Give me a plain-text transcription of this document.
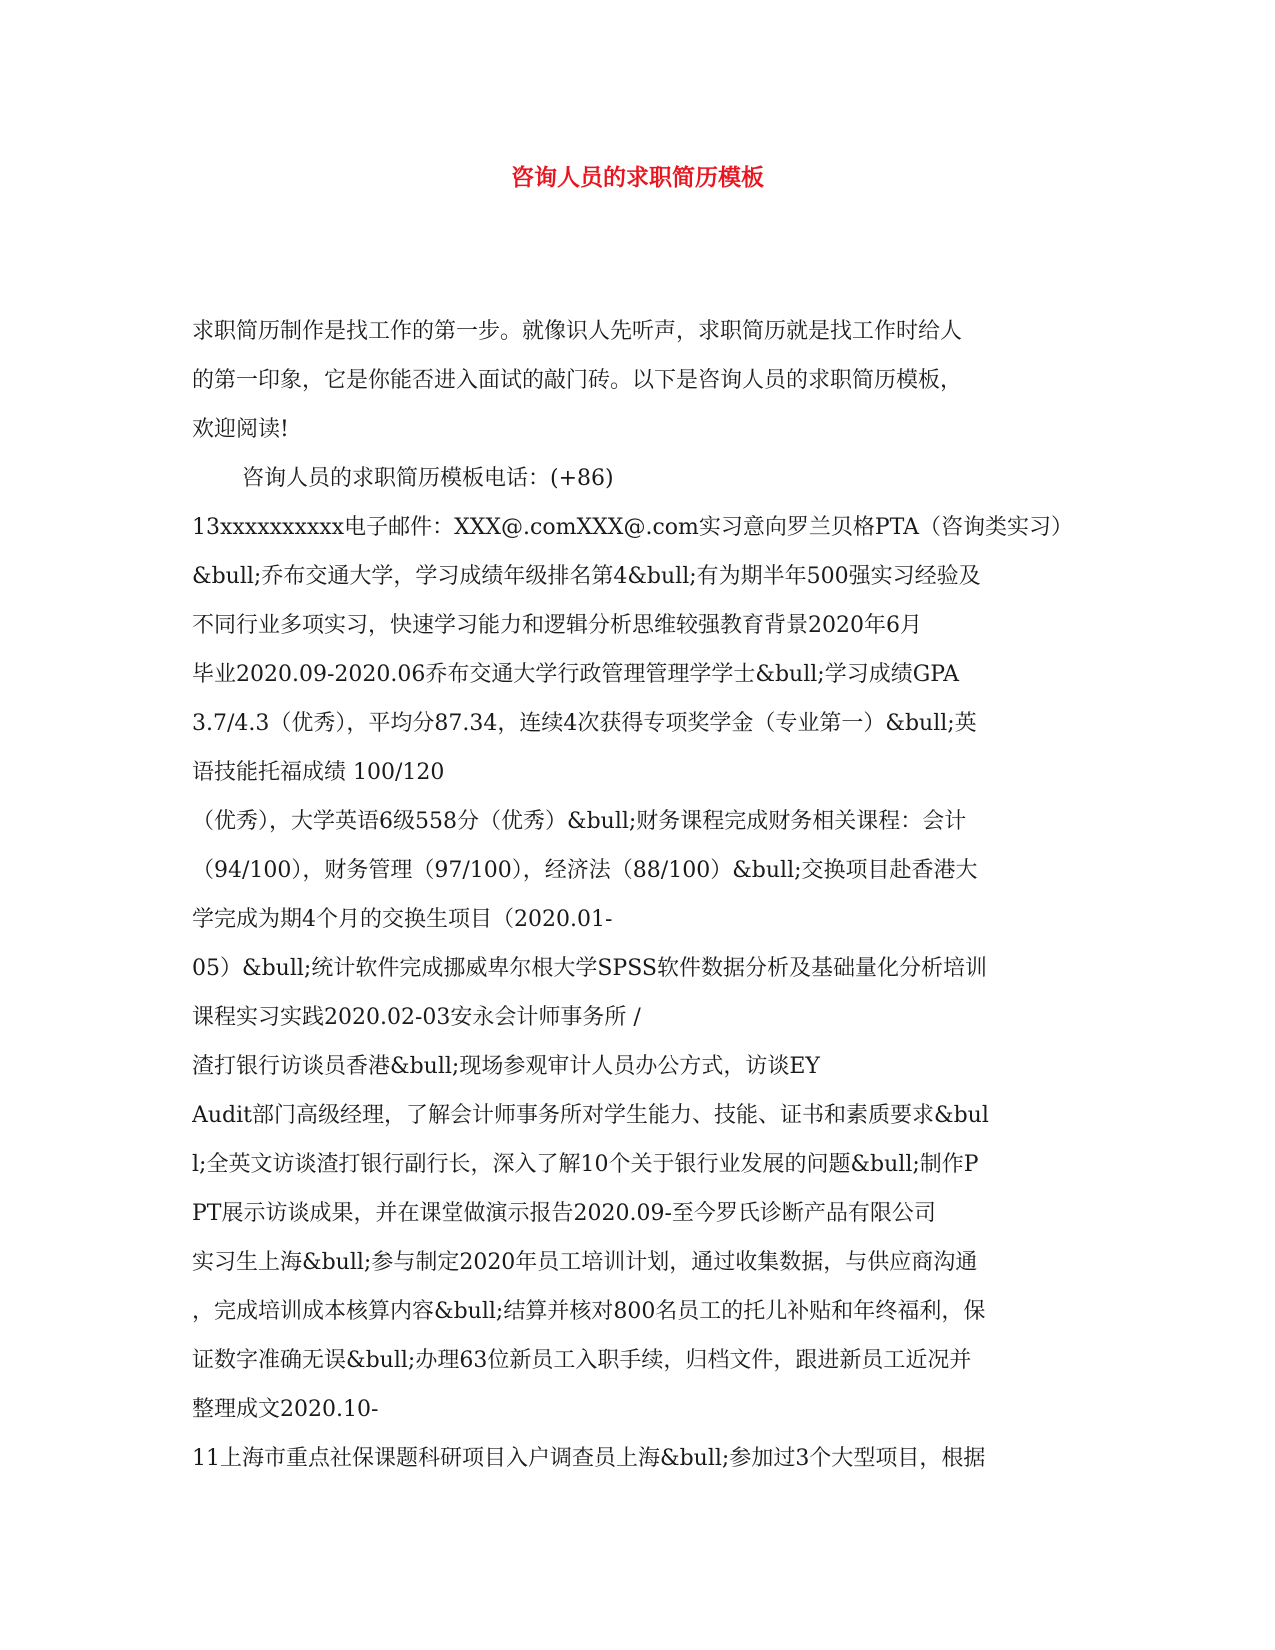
咨询人员的求职简历模板
求职简历制作是找工作的第一步。就像识人先听声，求职简历就是找工作时给人
的第一印象，它是你能否进入面试的敲门砖。以下是咨询人员的求职简历模板，
欢迎阅读!
咨询人员的求职简历模板电话：(+86)
13xxxxxxxxxx电子邮件：XXX@.comXXX@.com实习意向罗兰贝格PTA（咨询类实习）
&bull;乔布交通大学，学习成绩年级排名第4&bull;有为期半年500强实习经验及
不同行业多项实习，快速学习能力和逻辑分析思维较强教育背景2020年6月
毕业2020.09-2020.06乔布交通大学行政管理管理学学士&bull;学习成绩GPA
3.7/4.3（优秀），平均分87.34，连续4次获得专项奖学金（专业第一）&bull;英
语技能托福成绩 100/120
（优秀），大学英语6级558分（优秀）&bull;财务课程完成财务相关课程：会计
（94/100），财务管理（97/100），经济法（88/100）&bull;交换项目赴香港大
学完成为期4个月的交换生项目（2020.01-
05）&bull;统计软件完成挪威卑尔根大学SPSS软件数据分析及基础量化分析培训
课程实习实践2020.02-03安永会计师事务所 /
渣打银行访谈员香港&bull;现场参观审计人员办公方式，访谈EY
Audit部门高级经理，了解会计师事务所对学生能力、技能、证书和素质要求&bul
l;全英文访谈渣打银行副行长，深入了解10个关于银行业发展的问题&bull;制作P
PT展示访谈成果，并在课堂做演示报告2020.09-至今罗氏诊断产品有限公司
实习生上海&bull;参与制定2020年员工培训计划，通过收集数据，与供应商沟通
，完成培训成本核算内容&bull;结算并核对800名员工的托儿补贴和年终福利，保
证数字准确无误&bull;办理63位新员工入职手续，归档文件，跟进新员工近况并
整理成文2020.10-
11上海市重点社保课题科研项目入户调查员上海&bull;参加过3个大型项目，根据
